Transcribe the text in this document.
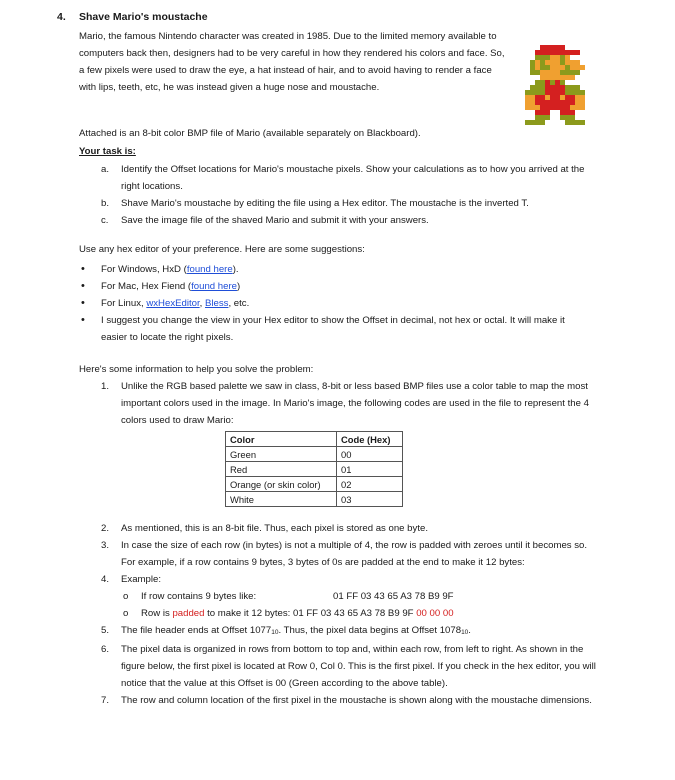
4. Shave Mario's moustache
Mario, the famous Nintendo character was created in 1985. Due to the limited memory available to computers back then, designers had to be very careful in how they rendered his colors and face. So, a few pixels were used to draw the eye, a hat instead of hair, and to avoid having to render a face with lips, teeth, etc, he was instead given a huge nose and moustache.
Attached is an 8-bit color BMP file of Mario (available separately on Blackboard).
Your task is:
a. Identify the Offset locations for Mario's moustache pixels. Show your calculations as to how you arrived at the right locations.
b. Shave Mario's moustache by editing the file using a Hex editor. The moustache is the inverted T.
c. Save the image file of the shaved Mario and submit it with your answers.
Use any hex editor of your preference. Here are some suggestions:
• For Windows, HxD (found here).
• For Mac, Hex Fiend (found here)
• For Linux, wxHexEditor, Bless, etc.
• I suggest you change the view in your Hex editor to show the Offset in decimal, not hex or octal. It will make it easier to locate the right pixels.
Here's some information to help you solve the problem:
1. Unlike the RGB based palette we saw in class, 8-bit or less based BMP files use a color table to map the most important colors used in the image. In Mario's image, the following codes are used in the file to represent the 4 colors used to draw Mario:
Color	Code (Hex)
Green	00
Red	01
Orange (or skin color)	02
White	03
2. As mentioned, this is an 8-bit file. Thus, each pixel is stored as one byte.
3. In case the size of each row (in bytes) is not a multiple of 4, the row is padded with zeroes until it becomes so. For example, if a row contains 9 bytes, 3 bytes of 0s are padded at the end to make it 12 bytes:
4. Example:
o If row contains 9 bytes like:	01 FF 03 43 65 A3 78 B9 9F
o Row is padded to make it 12 bytes: 01 FF 03 43 65 A3 78 B9 9F 00 00 00
5. The file header ends at Offset 107710. Thus, the pixel data begins at Offset 107810.
6. The pixel data is organized in rows from bottom to top and, within each row, from left to right. As shown in the figure below, the first pixel is located at Row 0, Col 0. This is the first pixel. If you check in the hex editor, you will notice that the value at this Offset is 00 (Green according to the above table).
7. The row and column location of the first pixel in the moustache is shown along with the moustache dimensions.
